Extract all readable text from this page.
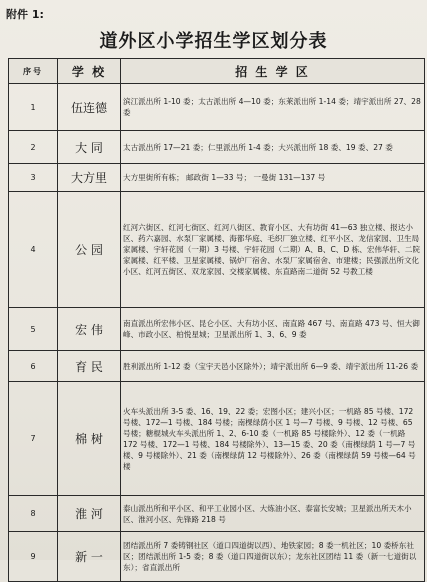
附件 1:
道外区小学招生学区划分表
序号	学 校	招 生 学 区
1	伍连德	滨江派出所 1-10 委；太古派出所 4—10 委；东莱派出所 1-14 委；靖宇派出所 27、28 委
2	大 同	太古派出所 17—21 委；仁里派出所 1-4 委；大兴派出所 18 委、19 委、27 委
3	大方里	大方里街所有栋； 邮政街 1—33 号； 一曼街 131—137 号
4	公 园	红河六街区、红河七街区、红河八街区、教育小区、大有坊街 41—63 独立楼、报达小区、药六嘉园、水泵厂家属楼、海都华庭、毛织厂独立楼、红平小区、龙信家园、卫生局家属楼、宇轩花园（一期）3 号楼、宇轩花园（二期）A、B、C、D 栋、宏伟华轩、二院家属楼、红平楼、卫星家属楼、锅炉厂宿舍、水泵厂家属宿舍、市建楼；民强派出所文化小区、红河五街区、双龙家园、交楼家属楼、东直路南二道街 52 号教工楼
5	宏 伟	南直派出所宏伟小区、昆仑小区、大有坊小区、南直路 467 号、南直路 473 号、恒大御峰、市政小区、柏悦星城；卫星派出所 1、3、6、9 委
6	育 民	胜利派出所 1-12 委（宝宇天邑小区除外）；靖宇派出所 6—9 委、靖宇派出所 11-26 委
7	棉 树	火车头派出所 3-5 委、16、19、22 委；宏图小区；建兴小区；一机路 85 号楼、172 号楼、172—1 号楼、184 号楼；南棵绿荫小区 1 号—7 号楼、9 号楼、12 号楼、65 号楼；糖棍城火车头派出所 1、2、6-10 委（一机路 85 号楼除外）、12 委（一机路 172 号楼、172—1 号楼、184 号楼除外）、13—15 委、20 委（南棵绿荫 1 号—7 号楼、9 号楼除外）、21 委（南棵绿荫 12 号楼除外）、26 委（南棵绿荫 59 号楼—64 号楼
8	淮 河	泰山派出所和平小区、和平工业园小区、大炼油小区、泰富长安城；卫星派出所天木小区、淮河小区、先锋路 218 号
9	新 一	团结派出所 7 委铸钢社区（道口四道街以西）、地铁家园；8 委一机社区；10 委桥东社区；团结派出所 1-5 委；8 委（道口四道街以东）；龙东社区团结 11 委（新一七道街以东）；省直派出所
